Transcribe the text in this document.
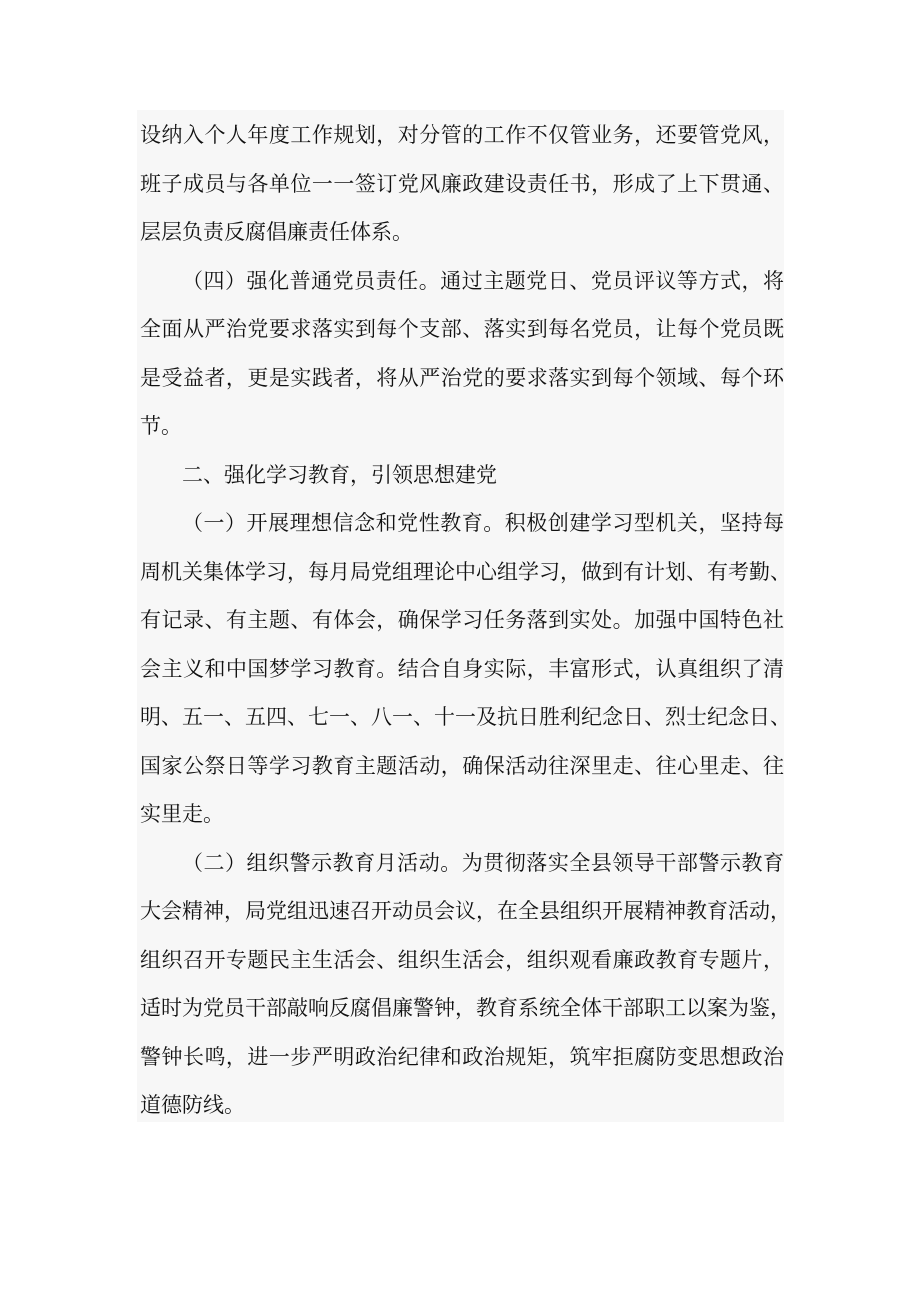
设纳入个人年度工作规划，对分管的工作不仅管业务，还要管党风，
班子成员与各单位一一签订党风廉政建设责任书，形成了上下贯通、
层层负责反腐倡廉责任体系。
（四）强化普通党员责任。通过主题党日、党员评议等方式，将
全面从严治党要求落实到每个支部、落实到每名党员，让每个党员既
是受益者，更是实践者，将从严治党的要求落实到每个领域、每个环
节。
二、强化学习教育，引领思想建党
（一）开展理想信念和党性教育。积极创建学习型机关，坚持每
周机关集体学习，每月局党组理论中心组学习，做到有计划、有考勤、
有记录、有主题、有体会，确保学习任务落到实处。加强中国特色社
会主义和中国梦学习教育。结合自身实际，丰富形式，认真组织了清
明、五一、五四、七一、八一、十一及抗日胜利纪念日、烈士纪念日、
国家公祭日等学习教育主题活动，确保活动往深里走、往心里走、往
实里走。
（二）组织警示教育月活动。为贯彻落实全县领导干部警示教育
大会精神，局党组迅速召开动员会议，在全县组织开展精神教育活动，
组织召开专题民主生活会、组织生活会，组织观看廉政教育专题片，
适时为党员干部敲响反腐倡廉警钟，教育系统全体干部职工以案为鉴，
警钟长鸣，进一步严明政治纪律和政治规矩，筑牢拒腐防变思想政治
道德防线。
